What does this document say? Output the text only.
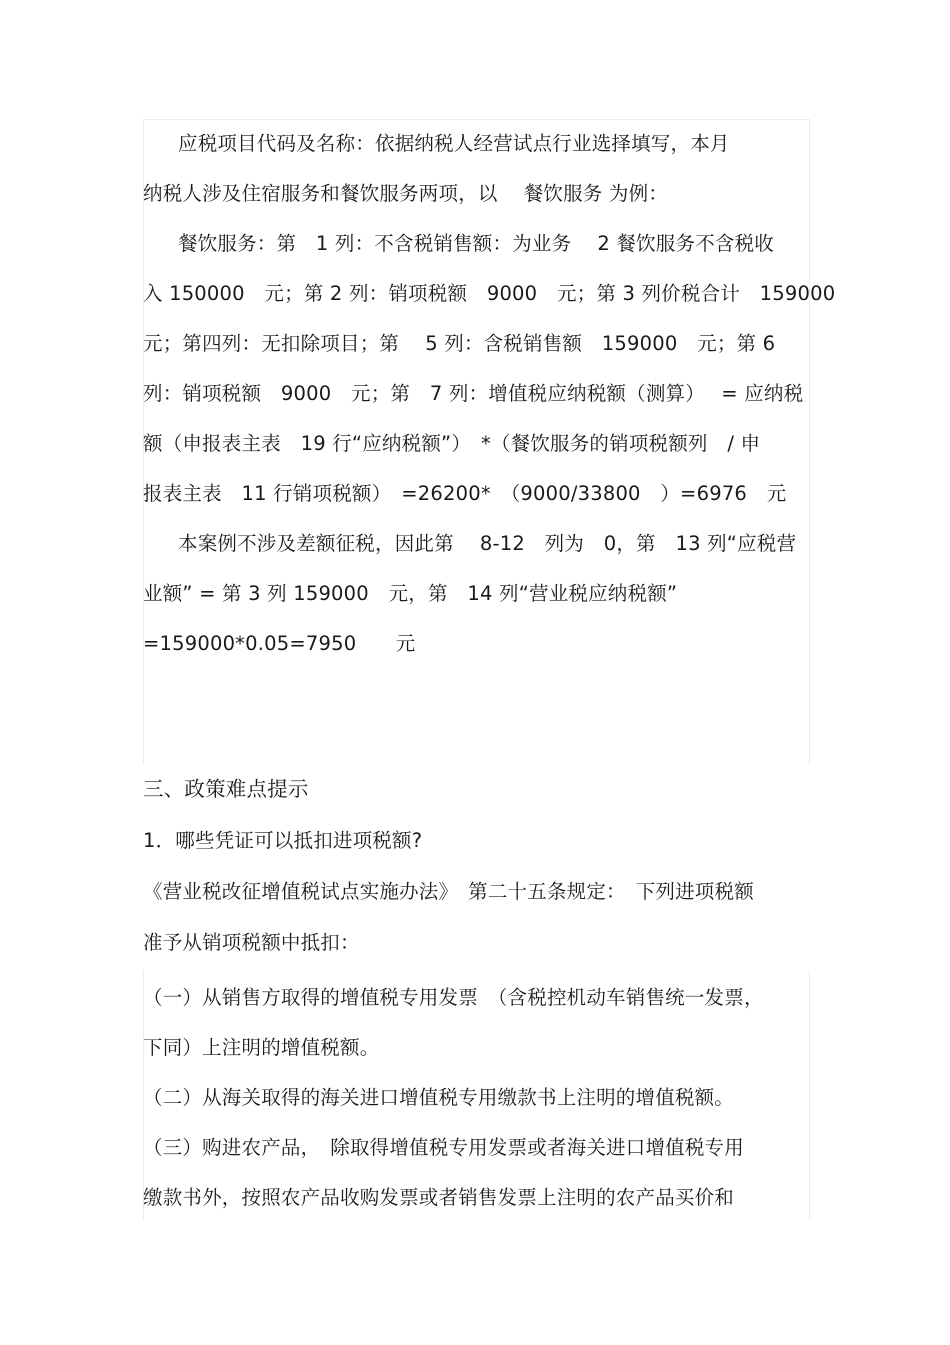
应税项目代码及名称：依据纳税人经营试点行业选择填写，本月
纳税人涉及住宿服务和餐饮服务两项，以　 餐饮服务 为例：
餐饮服务：第　1 列：不含税销售额：为业务　 2 餐饮服务不含税收
入 150000　元；第 2 列：销项税额　9000　元；第 3 列价税合计　159000
元；第四列：无扣除项目；第　 5 列：含税销售额　159000　元；第 6
列：销项税额　9000　元；第　7 列：增值税应纳税额（测算）　 = 应纳税
额（申报表主表　19 行“应纳税额”）　*（餐饮服务的销项税额列　/ 申
报表主表　11 行销项税额）　=26200*　（9000/33800　）=6976　元
本案例不涉及差额征税，因此第　 8-12　列为　0，第　13 列“应税营
业额” = 第 3 列 159000　元，第　14 列“营业税应纳税额”
=159000*0.05=7950　　元
三、政策难点提示
1．哪些凭证可以抵扣进项税额?
《营业税改征增值税试点实施办法》　第二十五条规定：　下列进项税额
准予从销项税额中抵扣：
（一）从销售方取得的增值税专用发票　（含税控机动车销售统一发票，
下同）上注明的增值税额。
（二）从海关取得的海关进口增值税专用缴款书上注明的增值税额。
（三）购进农产品，　除取得增值税专用发票或者海关进口增值税专用
缴款书外，按照农产品收购发票或者销售发票上注明的农产品买价和
